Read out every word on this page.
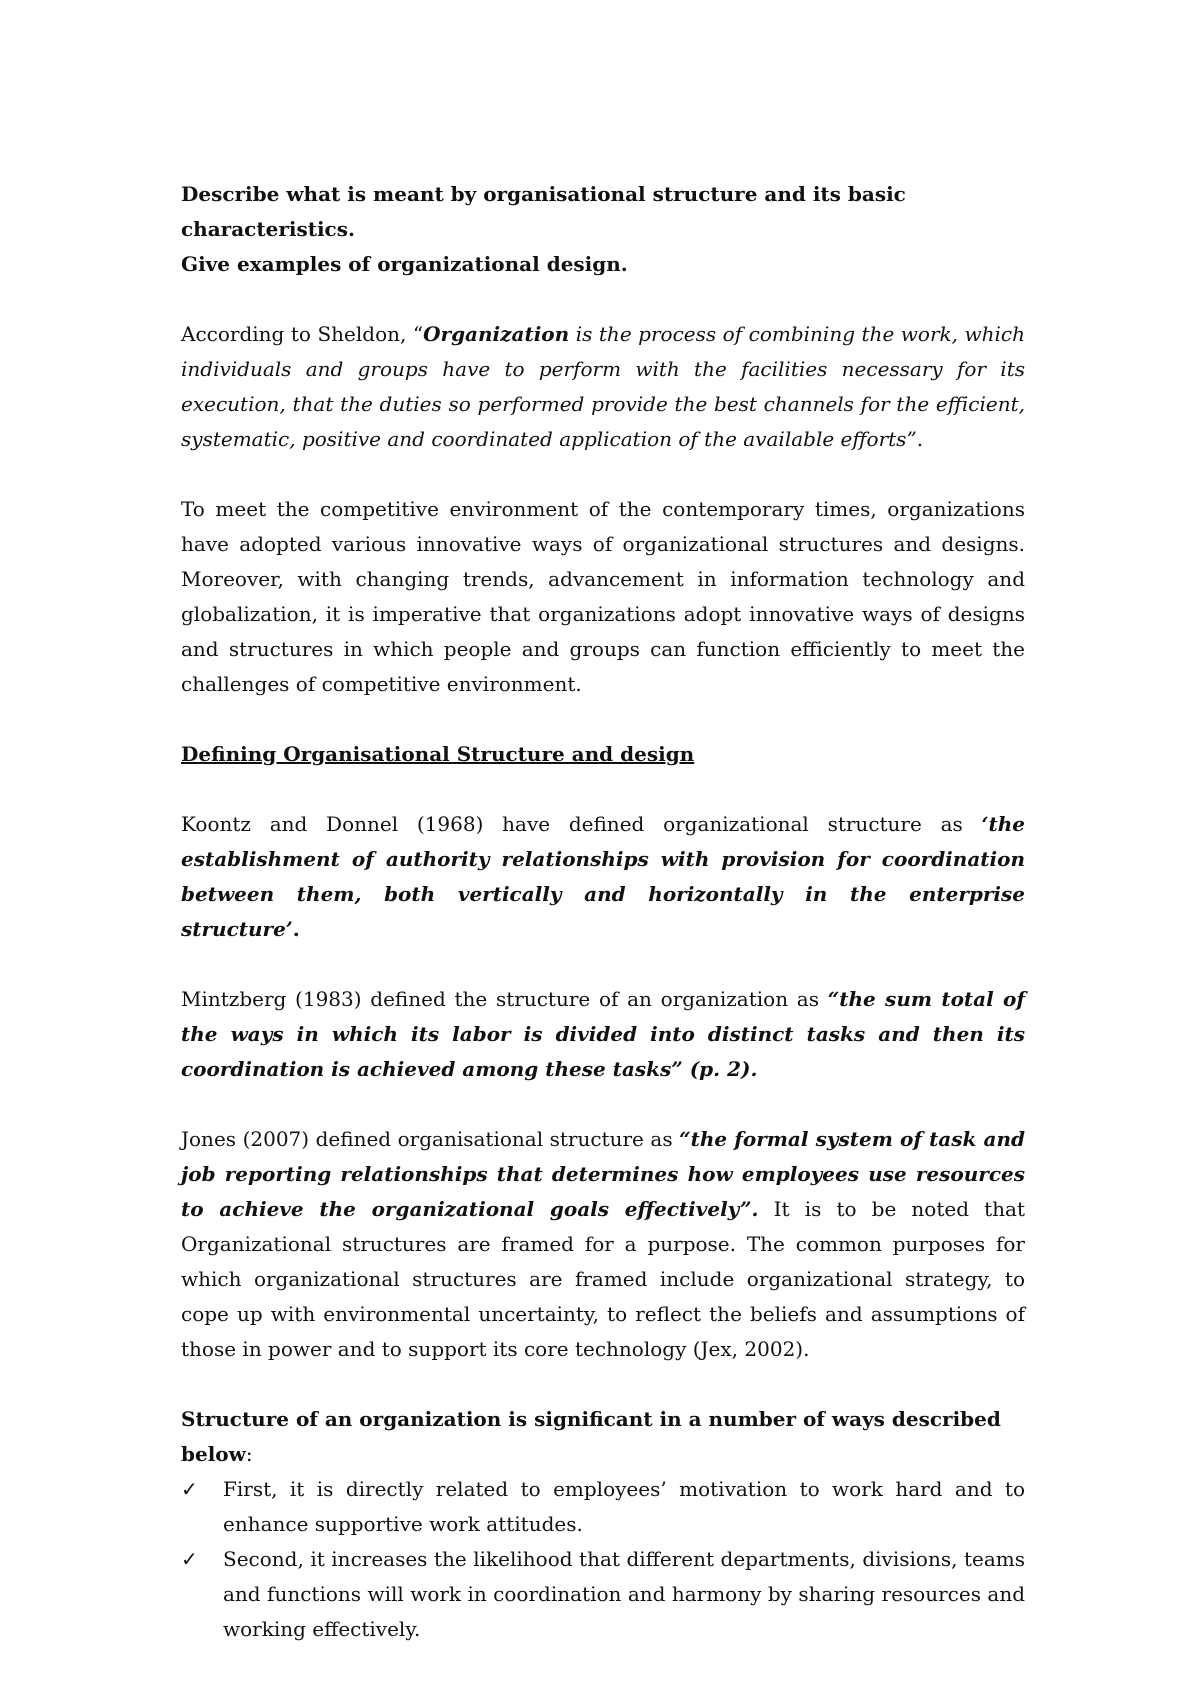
Describe what is meant by organisational structure and its basic characteristics.
Give examples of organizational design.

According to Sheldon, “Organization is the process of combining the work, which individuals and groups have to perform with the facilities necessary for its execution, that the duties so performed provide the best channels for the efficient, systematic, positive and coordinated application of the available efforts”.

To meet the competitive environment of the contemporary times, organizations have adopted various innovative ways of organizational structures and designs. Moreover, with changing trends, advancement in information technology and globalization, it is imperative that organizations adopt innovative ways of designs and structures in which people and groups can function efficiently to meet the challenges of competitive environment.

Defining Organisational Structure and design

Koontz and Donnel (1968) have defined organizational structure as ‘the establishment of authority relationships with provision for coordination between them, both vertically and horizontally in the enterprise structure’.

Mintzberg (1983) defined the structure of an organization as “the sum total of the ways in which its labor is divided into distinct tasks and then its coordination is achieved among these tasks” (p. 2).

Jones (2007) defined organisational structure as “the formal system of task and job reporting relationships that determines how employees use resources to achieve the organizational goals effectively”. It is to be noted that Organizational structures are framed for a purpose. The common purposes for which organizational structures are framed include organizational strategy, to cope up with environmental uncertainty, to reflect the beliefs and assumptions of those in power and to support its core technology (Jex, 2002).

Structure of an organization is significant in a number of ways described below:

✓	First, it is directly related to employees’ motivation to work hard and to enhance supportive work attitudes.
✓	Second, it increases the likelihood that different departments, divisions, teams and functions will work in coordination and harmony by sharing resources and working effectively.
